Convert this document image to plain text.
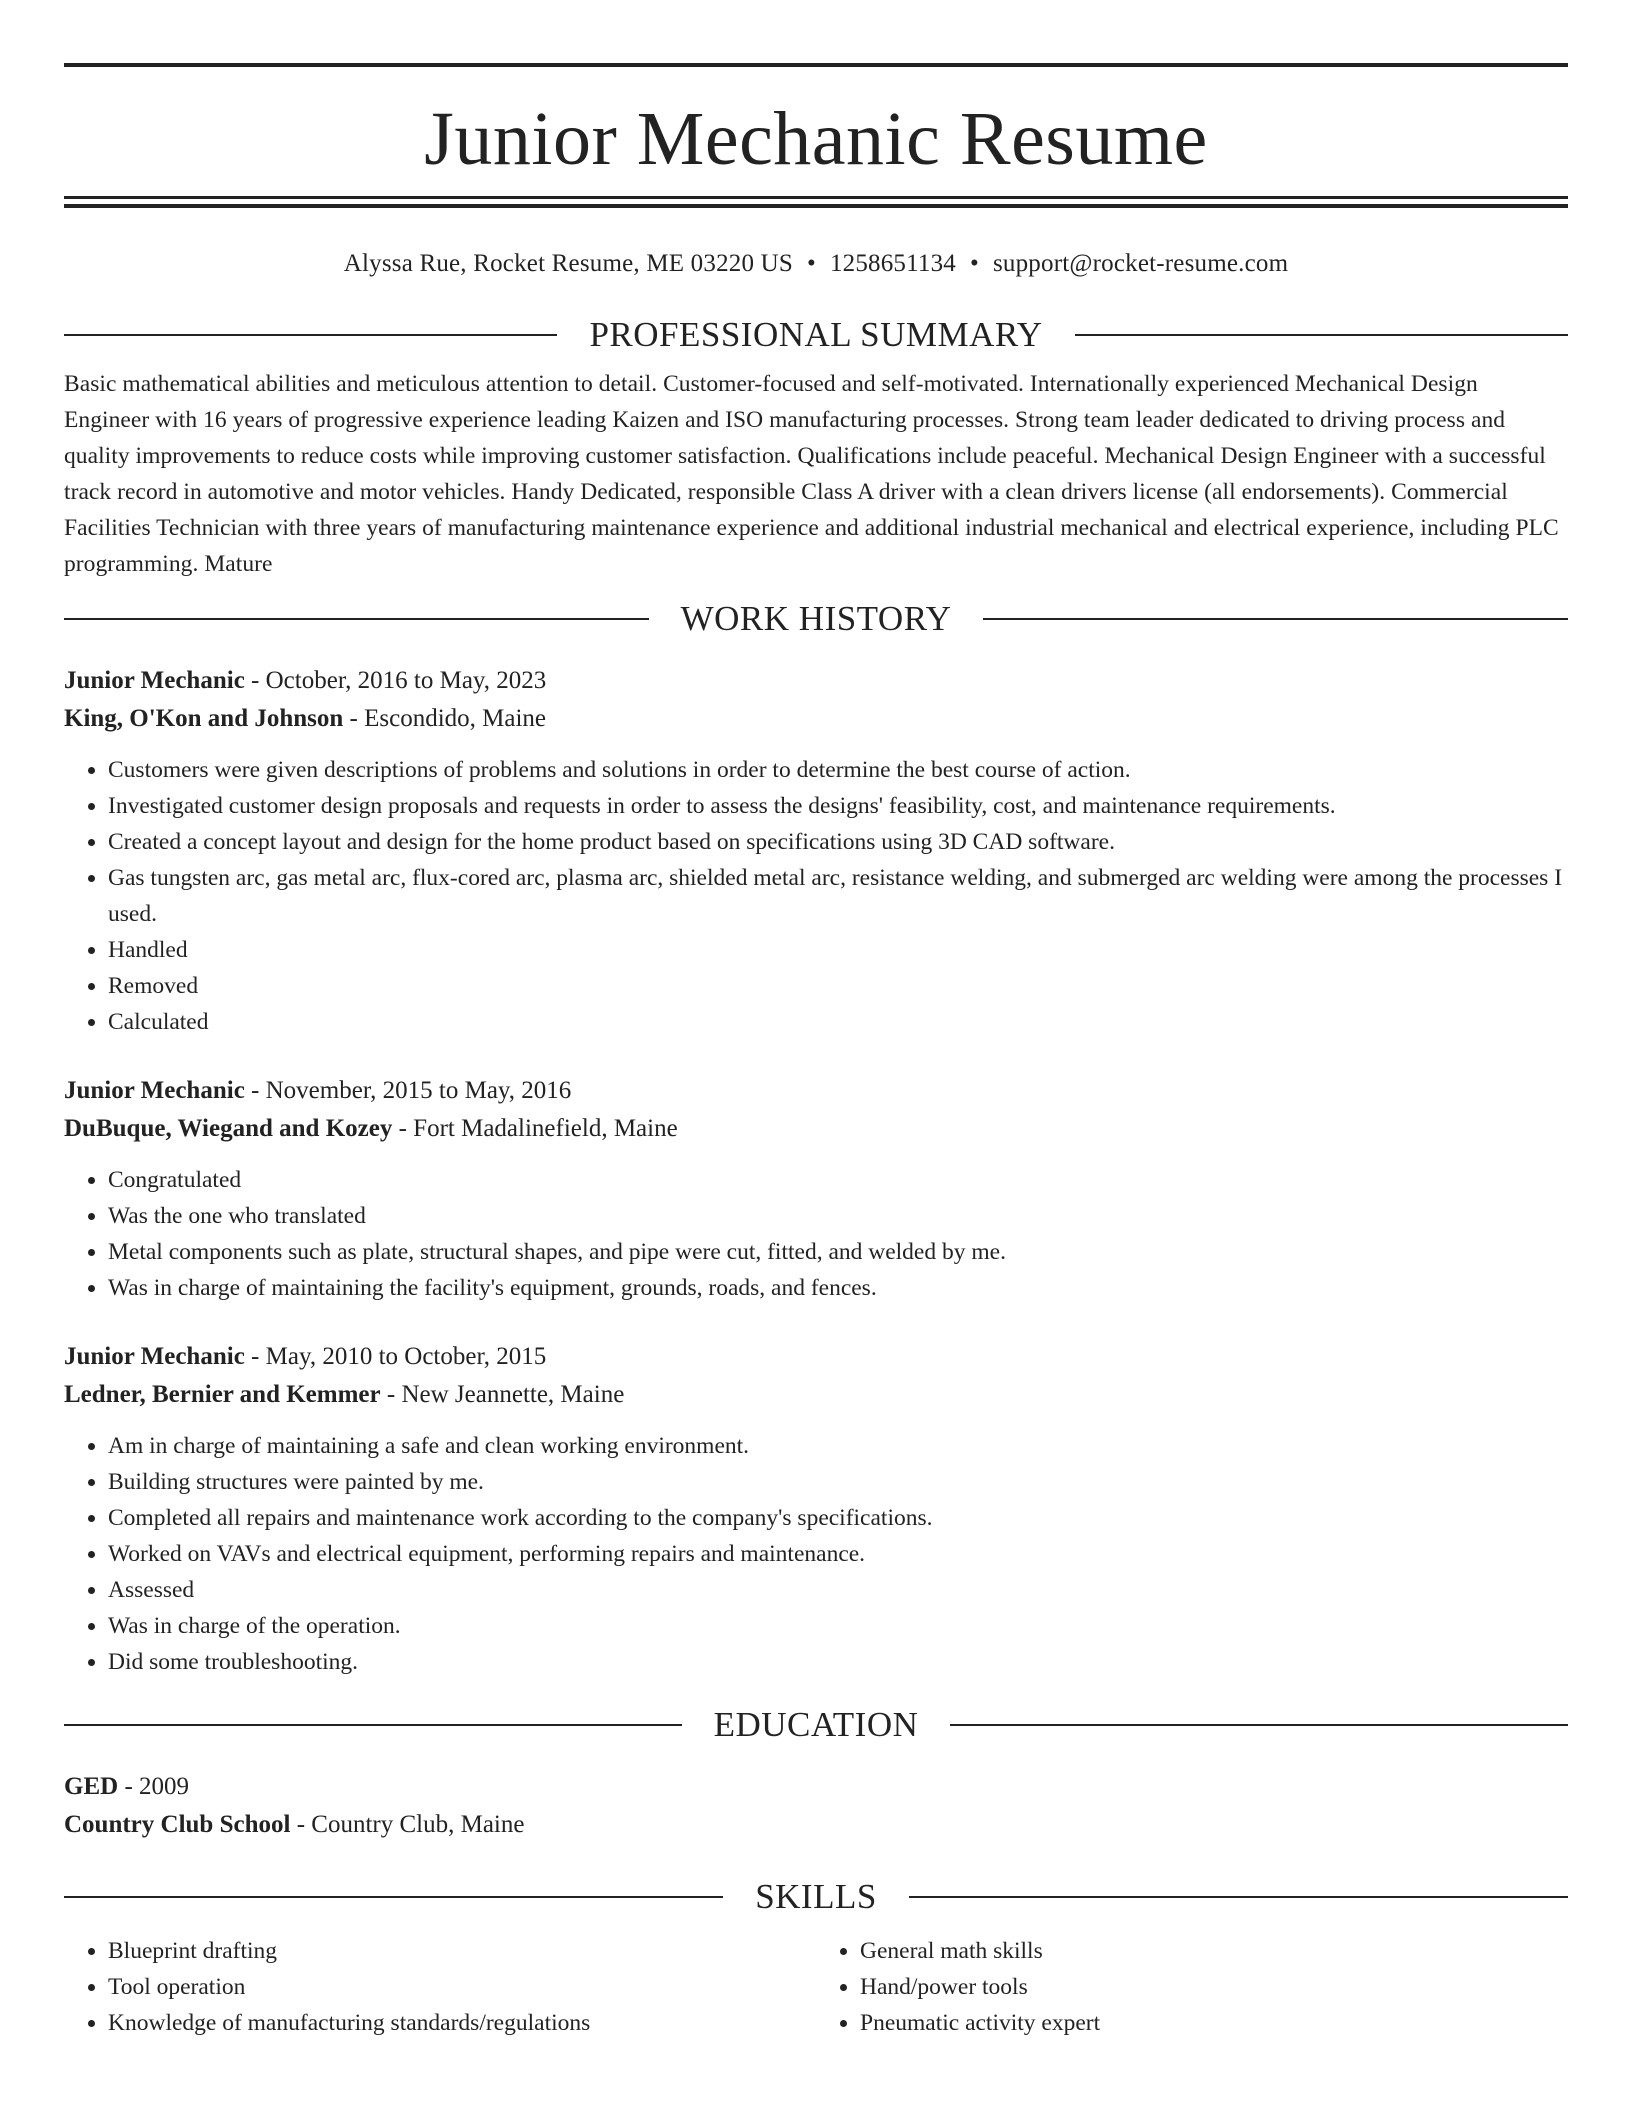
Junior Mechanic Resume
Alyssa Rue, Rocket Resume, ME 03220 US • 1258651134 • support@rocket-resume.com
PROFESSIONAL SUMMARY

Basic mathematical abilities and meticulous attention to detail. Customer-focused and self-motivated. Internationally experienced Mechanical Design Engineer with 16 years of progressive experience leading Kaizen and ISO manufacturing processes. Strong team leader dedicated to driving process and quality improvements to reduce costs while improving customer satisfaction. Qualifications include peaceful. Mechanical Design Engineer with a successful track record in automotive and motor vehicles. Handy Dedicated, responsible Class A driver with a clean drivers license (all endorsements). Commercial Facilities Technician with three years of manufacturing maintenance experience and additional industrial mechanical and electrical experience, including PLC programming. Mature

WORK HISTORY
Junior Mechanic - October, 2016 to May, 2023
King, O'Kon and Johnson - Escondido, Maine
• Customers were given descriptions of problems and solutions in order to determine the best course of action.
• Investigated customer design proposals and requests in order to assess the designs' feasibility, cost, and maintenance requirements.
• Created a concept layout and design for the home product based on specifications using 3D CAD software.
• Gas tungsten arc, gas metal arc, flux-cored arc, plasma arc, shielded metal arc, resistance welding, and submerged arc welding were among the processes I used.
• Handled
• Removed
• Calculated
Junior Mechanic - November, 2015 to May, 2016
DuBuque, Wiegand and Kozey - Fort Madalinefield, Maine
• Congratulated
• Was the one who translated
• Metal components such as plate, structural shapes, and pipe were cut, fitted, and welded by me.
• Was in charge of maintaining the facility's equipment, grounds, roads, and fences.
Junior Mechanic - May, 2010 to October, 2015
Ledner, Bernier and Kemmer - New Jeannette, Maine
• Am in charge of maintaining a safe and clean working environment.
• Building structures were painted by me.
• Completed all repairs and maintenance work according to the company's specifications.
• Worked on VAVs and electrical equipment, performing repairs and maintenance.
• Assessed
• Was in charge of the operation.
• Did some troubleshooting.
EDUCATION
GED - 2009
Country Club School - Country Club, Maine
SKILLS
• Blueprint drafting
• Tool operation
• Knowledge of manufacturing standards/regulations
• General math skills
• Hand/power tools
• Pneumatic activity expert
